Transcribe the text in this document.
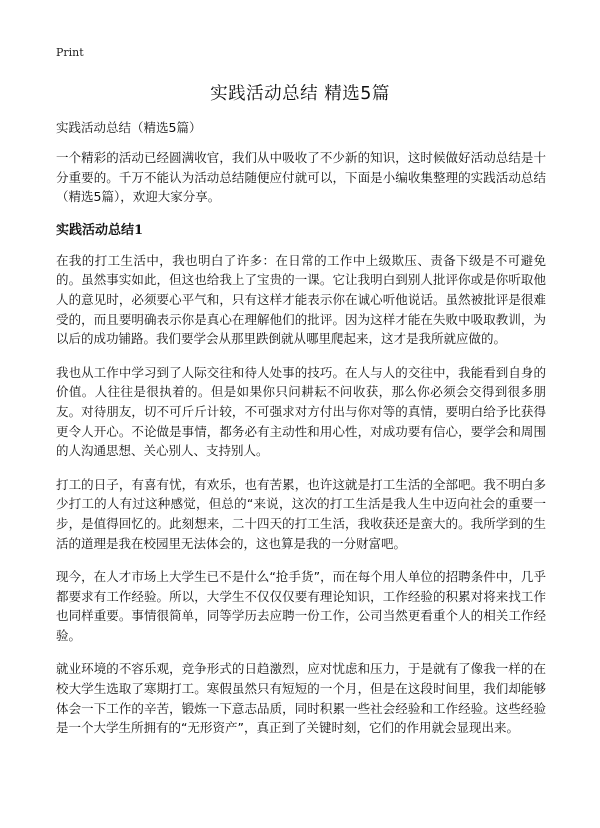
Print
实践活动总结 精选5篇
实践活动总结（精选5篇）

一个精彩的活动已经圆满收官，我们从中吸收了不少新的知识，这时候做好活动总结是十分重要的。千万不能认为活动总结随便应付就可以，下面是小编收集整理的实践活动总结（精选5篇），欢迎大家分享。

实践活动总结1

在我的打工生活中，我也明白了许多：在日常的工作中上级欺压、责备下级是不可避免的。虽然事实如此，但这也给我上了宝贵的一课。它让我明白到别人批评你或是你听取他人的意见时，必须要心平气和，只有这样才能表示你在诚心听他说话。虽然被批评是很难受的，而且要明确表示你是真心在理解他们的批评。因为这样才能在失败中吸取教训，为以后的成功铺路。我们要学会从那里跌倒就从哪里爬起来，这才是我所就应做的。

我也从工作中学习到了人际交往和待人处事的技巧。在人与人的交往中，我能看到自身的价值。人往往是很执着的。但是如果你只问耕耘不问收获，那么你必须会交得到很多朋友。对待朋友，切不可斤斤计较，不可强求对方付出与你对等的真情，要明白给予比获得更令人开心。不论做是事情，都务必有主动性和用心性，对成功要有信心，要学会和周围的人沟通思想、关心别人、支持别人。

打工的日子，有喜有忧，有欢乐，也有苦累，也许这就是打工生活的全部吧。我不明白多少打工的人有过这种感觉，但总的“来说，这次的打工生活是我人生中迈向社会的重要一步，是值得回忆的。此刻想来，二十四天的打工生活，我收获还是蛮大的。我所学到的生活的道理是我在校园里无法体会的，这也算是我的一分财富吧。

现今，在人才市场上大学生已不是什么“抢手货”，而在每个用人单位的招聘条件中，几乎都要求有工作经验。所以，大学生不仅仅仅要有理论知识，工作经验的积累对将来找工作也同样重要。事情很简单，同等学历去应聘一份工作，公司当然更看重个人的相关工作经验。

就业环境的不容乐观，竞争形式的日趋激烈，应对忧虑和压力，于是就有了像我一样的在校大学生选取了寒期打工。寒假虽然只有短短的一个月，但是在这段时间里，我们却能够体会一下工作的辛苦，锻炼一下意志品质，同时积累一些社会经验和工作经验。这些经验是一个大学生所拥有的“无形资产”，真正到了关键时刻，它们的作用就会显现出来。
